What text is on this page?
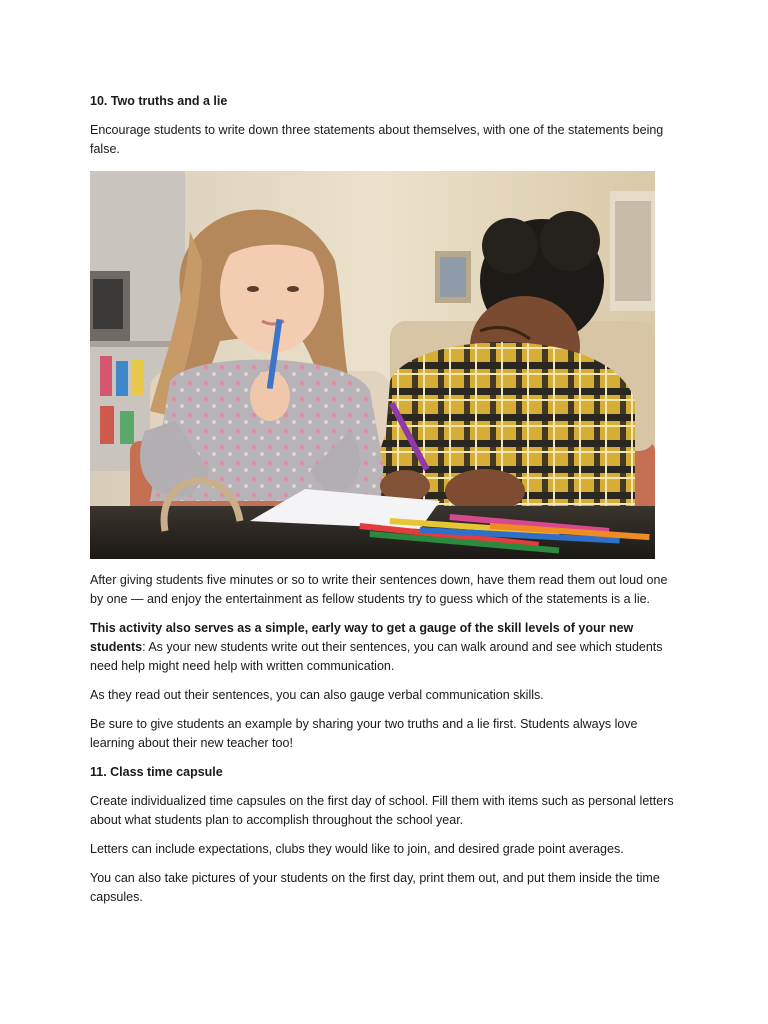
10. Two truths and a lie

Encourage students to write down three statements about themselves, with one of the statements being false.

After giving students five minutes or so to write their sentences down, have them read them out loud one by one — and enjoy the entertainment as fellow students try to guess which of the statements is a lie.

This activity also serves as a simple, early way to get a gauge of the skill levels of your new students: As your new students write out their sentences, you can walk around and see which students need help might need help with written communication.

As they read out their sentences, you can also gauge verbal communication skills.

Be sure to give students an example by sharing your two truths and a lie first. Students always love learning about their new teacher too!

11. Class time capsule

Create individualized time capsules on the first day of school. Fill them with items such as personal letters about what students plan to accomplish throughout the school year.

Letters can include expectations, clubs they would like to join, and desired grade point averages.

You can also take pictures of your students on the first day, print them out, and put them inside the time capsules.
